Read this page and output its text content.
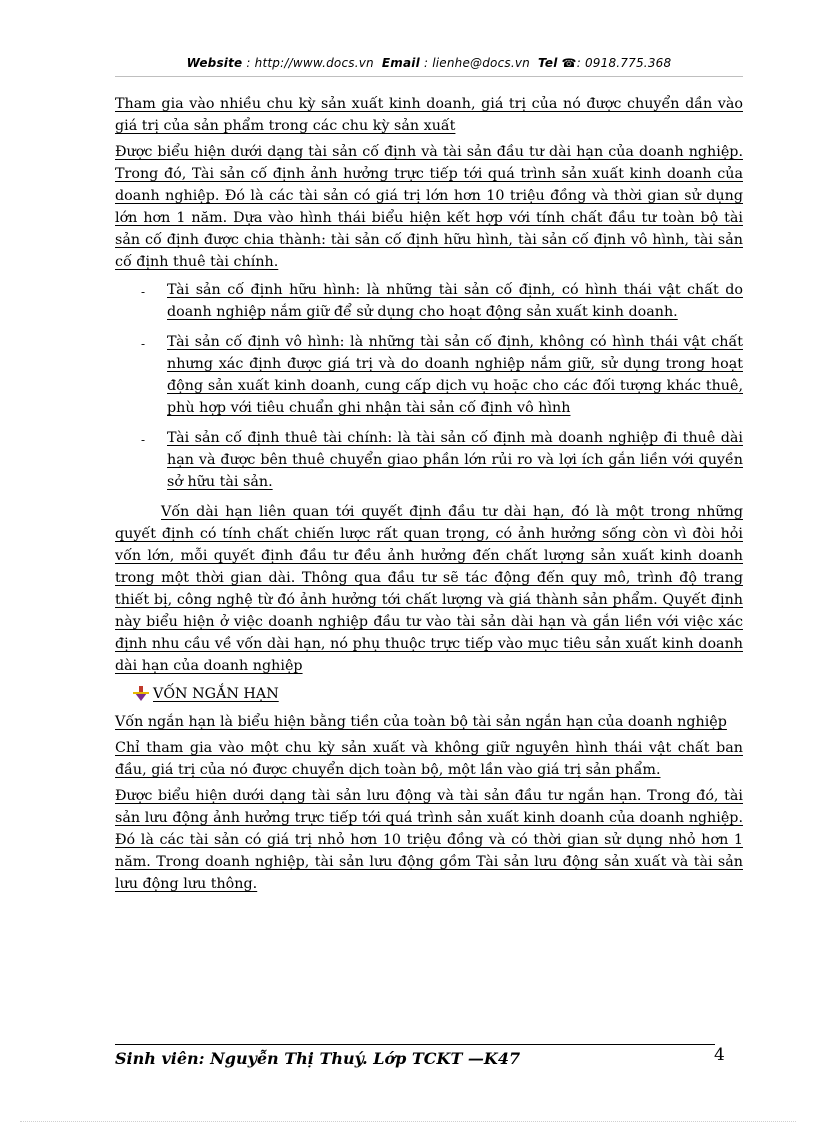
Website : http://www.docs.vn Email : lienhe@docs.vn Tel ☎: 0918.775.368

Tham gia vào nhiều chu kỳ sản xuất kinh doanh, giá trị của nó được chuyển dần vào giá trị của sản phẩm trong các chu kỳ sản xuất

Được biểu hiện dưới dạng tài sản cố định và tài sản đầu tư dài hạn của doanh nghiệp. Trong đó, Tài sản cố định ảnh hưởng trực tiếp tới quá trình sản xuất kinh doanh của doanh nghiệp. Đó là các tài sản có giá trị lớn hơn 10 triệu đồng và thời gian sử dụng lớn hơn 1 năm. Dựa vào hình thái biểu hiện kết hợp với tính chất đầu tư toàn bộ tài sản cố định được chia thành: tài sản cố định hữu hình, tài sản cố định vô hình, tài sản cố định thuê tài chính.

- Tài sản cố định hữu hình: là những tài sản cố định, có hình thái vật chất do doanh nghiệp nắm giữ để sử dụng cho hoạt động sản xuất kinh doanh.
- Tài sản cố định vô hình: là những tài sản cố định, không có hình thái vật chất nhưng xác định được giá trị và do doanh nghiệp nắm giữ, sử dụng trong hoạt động sản xuất kinh doanh, cung cấp dịch vụ hoặc cho các đối tượng khác thuê, phù hợp với tiêu chuẩn ghi nhận tài sản cố định vô hình
- Tài sản cố định thuê tài chính: là tài sản cố định mà doanh nghiệp đi thuê dài hạn và được bên thuê chuyển giao phần lớn rủi ro và lợi ích gắn liền với quyền sở hữu tài sản.

Vốn dài hạn liên quan tới quyết định đầu tư dài hạn, đó là một trong những quyết định có tính chất chiến lược rất quan trọng, có ảnh hưởng sống còn vì đòi hỏi vốn lớn, mỗi quyết định đầu tư đều ảnh hưởng đến chất lượng sản xuất kinh doanh trong một thời gian dài. Thông qua đầu tư sẽ tác động đến quy mô, trình độ trang thiết bị, công nghệ từ đó ảnh hưởng tới chất lượng và giá thành sản phẩm. Quyết định này biểu hiện ở việc doanh nghiệp đầu tư vào tài sản dài hạn và gắn liền với việc xác định nhu cầu về vốn dài hạn, nó phụ thuộc trực tiếp vào mục tiêu sản xuất kinh doanh dài hạn của doanh nghiệp

VỐN NGẮN HẠN

Vốn ngắn hạn là biểu hiện bằng tiền của toàn bộ tài sản ngắn hạn của doanh nghiệp

Chỉ tham gia vào một chu kỳ sản xuất và không giữ nguyên hình thái vật chất ban đầu, giá trị của nó được chuyển dịch toàn bộ, một lần vào giá trị sản phẩm.

Được biểu hiện dưới dạng tài sản lưu động và tài sản đầu tư ngắn hạn. Trong đó, tài sản lưu động ảnh hưởng trực tiếp tới quá trình sản xuất kinh doanh của doanh nghiệp. Đó là các tài sản có giá trị nhỏ hơn 10 triệu đồng và có thời gian sử dụng nhỏ hơn 1 năm. Trong doanh nghiệp, tài sản lưu động gồm Tài sản lưu động sản xuất và tài sản lưu động lưu thông.

Sinh viên: Nguyễn Thị Thuý. Lớp TCKT —K47	4
